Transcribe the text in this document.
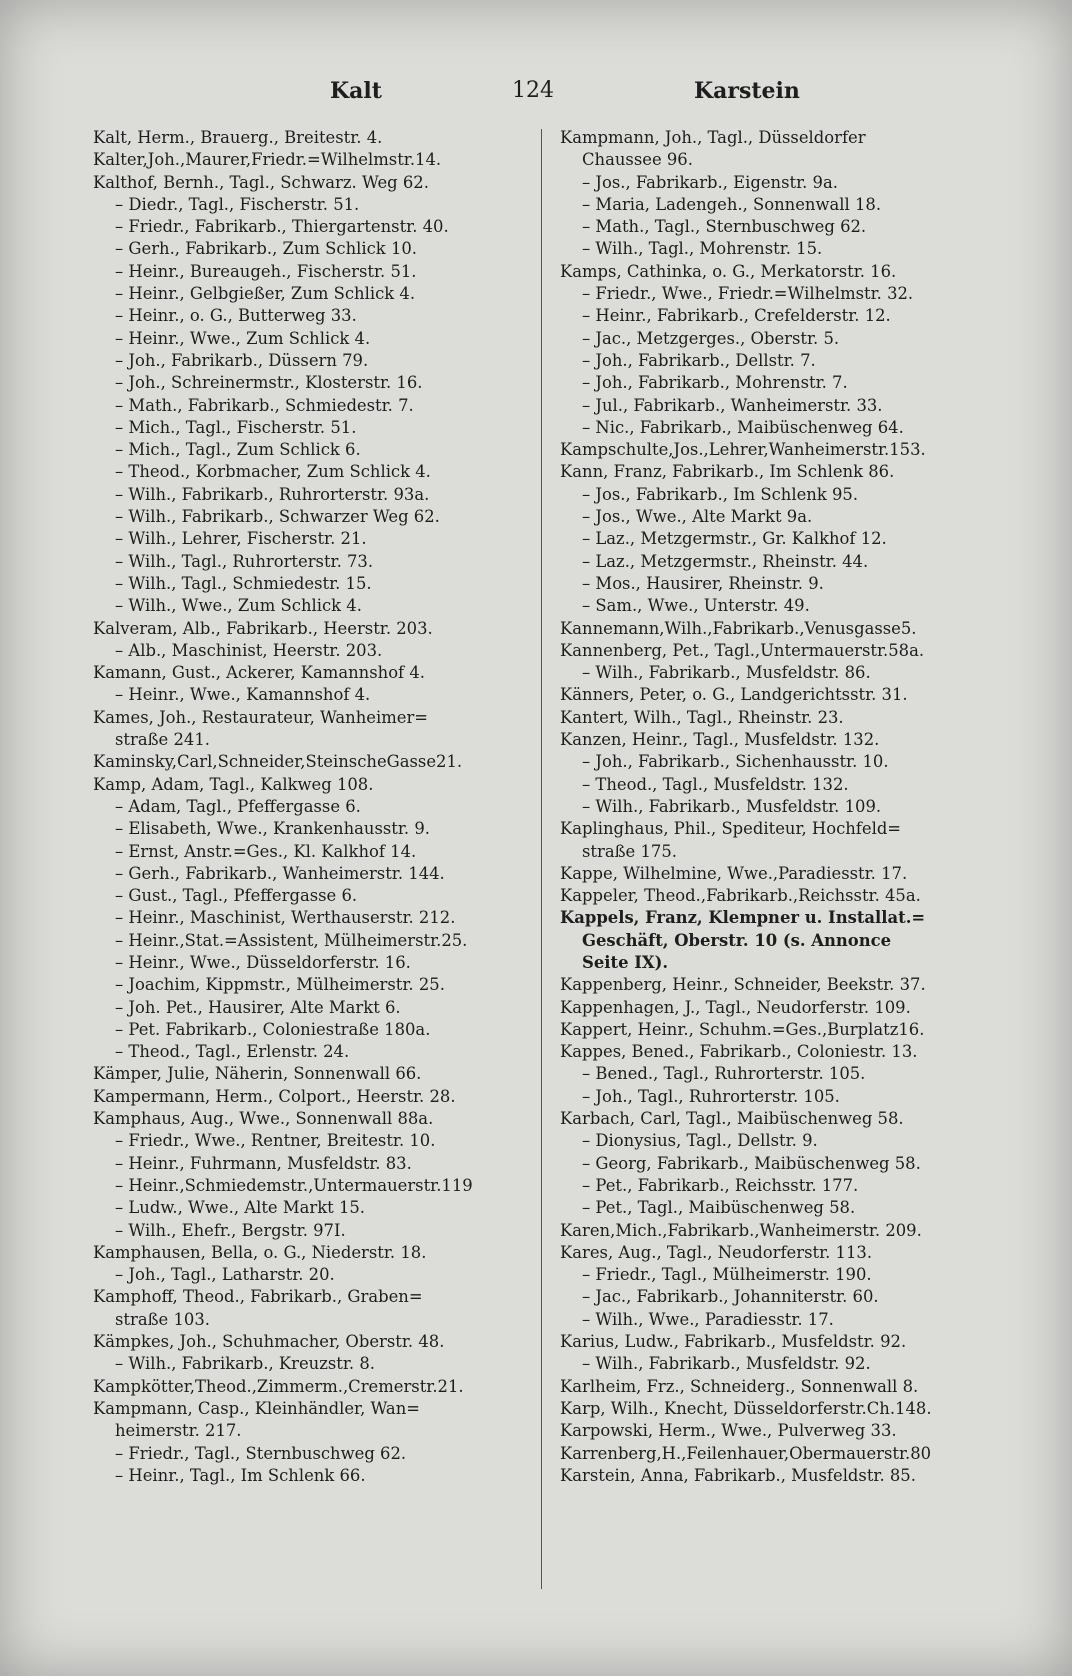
Kalt	124	Karstein
Kalt, Herm., Brauerg., Breitestr. 4.
Kalter,Joh.,Maurer,Friedr.=Wilhelmstr.14.
Kalthof, Bernh., Tagl., Schwarz. Weg 62.
– Diedr., Tagl., Fischerstr. 51.
– Friedr., Fabrikarb., Thiergartenstr. 40.
– Gerh., Fabrikarb., Zum Schlick 10.
– Heinr., Bureaugeh., Fischerstr. 51.
– Heinr., Gelbgießer, Zum Schlick 4.
– Heinr., o. G., Butterweg 33.
– Heinr., Wwe., Zum Schlick 4.
– Joh., Fabrikarb., Düssern 79.
– Joh., Schreinermstr., Klosterstr. 16.
– Math., Fabrikarb., Schmiedestr. 7.
– Mich., Tagl., Fischerstr. 51.
– Mich., Tagl., Zum Schlick 6.
– Theod., Korbmacher, Zum Schlick 4.
– Wilh., Fabrikarb., Ruhrorterstr. 93a.
– Wilh., Fabrikarb., Schwarzer Weg 62.
– Wilh., Lehrer, Fischerstr. 21.
– Wilh., Tagl., Ruhrorterstr. 73.
– Wilh., Tagl., Schmiedestr. 15.
– Wilh., Wwe., Zum Schlick 4.
Kalveram, Alb., Fabrikarb., Heerstr. 203.
– Alb., Maschinist, Heerstr. 203.
Kamann, Gust., Ackerer, Kamannshof 4.
– Heinr., Wwe., Kamannshof 4.
Kames, Joh., Restaurateur, Wanheimer=
straße 241.
Kaminsky,Carl,Schneider,SteinscheGasse21.
Kamp, Adam, Tagl., Kalkweg 108.
– Adam, Tagl., Pfeffergasse 6.
– Elisabeth, Wwe., Krankenhausstr. 9.
– Ernst, Anstr.=Ges., Kl. Kalkhof 14.
– Gerh., Fabrikarb., Wanheimerstr. 144.
– Gust., Tagl., Pfeffergasse 6.
– Heinr., Maschinist, Werthauserstr. 212.
– Heinr.,Stat.=Assistent, Mülheimerstr.25.
– Heinr., Wwe., Düsseldorferstr. 16.
– Joachim, Kippmstr., Mülheimerstr. 25.
– Joh. Pet., Hausirer, Alte Markt 6.
– Pet. Fabrikarb., Coloniestraße 180a.
– Theod., Tagl., Erlenstr. 24.
Kämper, Julie, Näherin, Sonnenwall 66.
Kampermann, Herm., Colport., Heerstr. 28.
Kamphaus, Aug., Wwe., Sonnenwall 88a.
– Friedr., Wwe., Rentner, Breitestr. 10.
– Heinr., Fuhrmann, Musfeldstr. 83.
– Heinr.,Schmiedemstr.,Untermauerstr.119
– Ludw., Wwe., Alte Markt 15.
– Wilh., Ehefr., Bergstr. 97I.
Kamphausen, Bella, o. G., Niederstr. 18.
– Joh., Tagl., Latharstr. 20.
Kamphoff, Theod., Fabrikarb., Graben=
straße 103.
Kämpkes, Joh., Schuhmacher, Oberstr. 48.
– Wilh., Fabrikarb., Kreuzstr. 8.
Kampkötter,Theod.,Zimmerm.,Cremerstr.21.
Kampmann, Casp., Kleinhändler, Wan=
heimerstr. 217.
– Friedr., Tagl., Sternbuschweg 62.
– Heinr., Tagl., Im Schlenk 66.
Kampmann, Joh., Tagl., Düsseldorfer
Chaussee 96.
– Jos., Fabrikarb., Eigenstr. 9a.
– Maria, Ladengeh., Sonnenwall 18.
– Math., Tagl., Sternbuschweg 62.
– Wilh., Tagl., Mohrenstr. 15.
Kamps, Cathinka, o. G., Merkatorstr. 16.
– Friedr., Wwe., Friedr.=Wilhelmstr. 32.
– Heinr., Fabrikarb., Crefelderstr. 12.
– Jac., Metzgerges., Oberstr. 5.
– Joh., Fabrikarb., Dellstr. 7.
– Joh., Fabrikarb., Mohrenstr. 7.
– Jul., Fabrikarb., Wanheimerstr. 33.
– Nic., Fabrikarb., Maibüschenweg 64.
Kampschulte,Jos.,Lehrer,Wanheimerstr.153.
Kann, Franz, Fabrikarb., Im Schlenk 86.
– Jos., Fabrikarb., Im Schlenk 95.
– Jos., Wwe., Alte Markt 9a.
– Laz., Metzgermstr., Gr. Kalkhof 12.
– Laz., Metzgermstr., Rheinstr. 44.
– Mos., Hausirer, Rheinstr. 9.
– Sam., Wwe., Unterstr. 49.
Kannemann,Wilh.,Fabrikarb.,Venusgasse5.
Kannenberg, Pet., Tagl.,Untermauerstr.58a.
– Wilh., Fabrikarb., Musfeldstr. 86.
Känners, Peter, o. G., Landgerichtsstr. 31.
Kantert, Wilh., Tagl., Rheinstr. 23.
Kanzen, Heinr., Tagl., Musfeldstr. 132.
– Joh., Fabrikarb., Sichenhausstr. 10.
– Theod., Tagl., Musfeldstr. 132.
– Wilh., Fabrikarb., Musfeldstr. 109.
Kaplinghaus, Phil., Spediteur, Hochfeld=
straße 175.
Kappe, Wilhelmine, Wwe.,Paradiesstr. 17.
Kappeler, Theod.,Fabrikarb.,Reichsstr. 45a.
Kappels, Franz, Klempner u. Installat.=
Geschäft, Oberstr. 10 (s. Annonce
Seite IX).
Kappenberg, Heinr., Schneider, Beekstr. 37.
Kappenhagen, J., Tagl., Neudorferstr. 109.
Kappert, Heinr., Schuhm.=Ges.,Burplatz16.
Kappes, Bened., Fabrikarb., Coloniestr. 13.
– Bened., Tagl., Ruhrorterstr. 105.
– Joh., Tagl., Ruhrorterstr. 105.
Karbach, Carl, Tagl., Maibüschenweg 58.
– Dionysius, Tagl., Dellstr. 9.
– Georg, Fabrikarb., Maibüschenweg 58.
– Pet., Fabrikarb., Reichsstr. 177.
– Pet., Tagl., Maibüschenweg 58.
Karen,Mich.,Fabrikarb.,Wanheimerstr. 209.
Kares, Aug., Tagl., Neudorferstr. 113.
– Friedr., Tagl., Mülheimerstr. 190.
– Jac., Fabrikarb., Johanniterstr. 60.
– Wilh., Wwe., Paradiesstr. 17.
Karius, Ludw., Fabrikarb., Musfeldstr. 92.
– Wilh., Fabrikarb., Musfeldstr. 92.
Karlheim, Frz., Schneiderg., Sonnenwall 8.
Karp, Wilh., Knecht, Düsseldorferstr.Ch.148.
Karpowski, Herm., Wwe., Pulverweg 33.
Karrenberg,H.,Feilenhauer,Obermauerstr.80
Karstein, Anna, Fabrikarb., Musfeldstr. 85.
